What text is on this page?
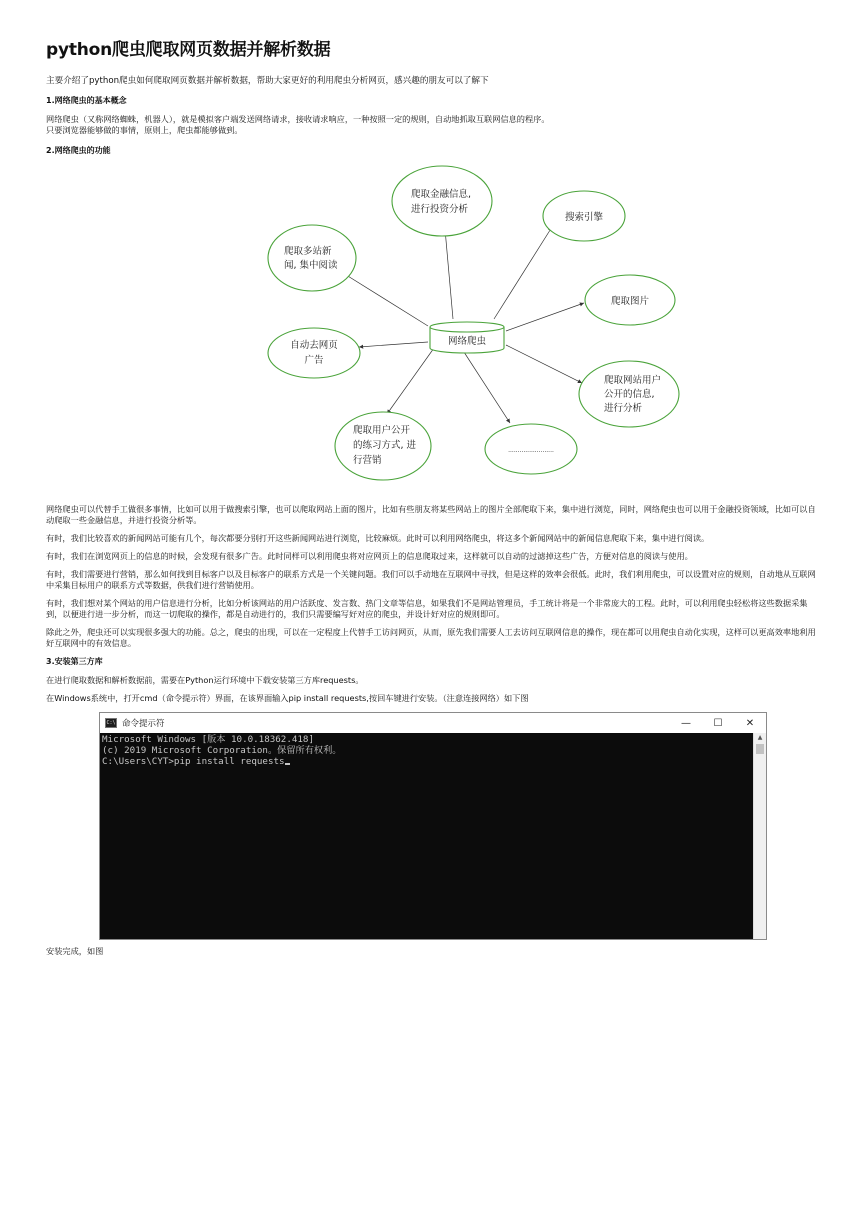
python爬虫爬取网页数据并解析数据

主要介绍了python爬虫如何爬取网页数据并解析数据，帮助大家更好的利用爬虫分析网页，感兴趣的朋友可以了解下

1.网络爬虫的基本概念

网络爬虫（又称网络蜘蛛，机器人），就是模拟客户端发送网络请求，接收请求响应，一种按照一定的规则，自动地抓取互联网信息的程序。
只要浏览器能够做的事情，原则上，爬虫都能够做到。

2.网络爬虫的功能
网络爬虫
爬取金融信息,
进行投资分析
搜索引擎
爬取多站新
闻, 集中阅读
爬取图片
自动去网页
广告
爬取网站用户
公开的信息,
进行分析
爬取用户公开
的练习方式, 进
行营销
........................

网络爬虫可以代替手工做很多事情，比如可以用于做搜索引擎，也可以爬取网站上面的图片，比如有些朋友将某些网站上的图片全部爬取下来，集中进行浏览，同时，网络爬虫也可以用于金融投资领域，比如可以自动爬取一些金融信息，并进行投资分析等。

有时，我们比较喜欢的新闻网站可能有几个，每次都要分别打开这些新闻网站进行浏览，比较麻烦。此时可以利用网络爬虫，将这多个新闻网站中的新闻信息爬取下来，集中进行阅读。

有时，我们在浏览网页上的信息的时候，会发现有很多广告。此时同样可以利用爬虫将对应网页上的信息爬取过来，这样就可以自动的过滤掉这些广告，方便对信息的阅读与使用。

有时，我们需要进行营销，那么如何找到目标客户以及目标客户的联系方式是一个关键问题。我们可以手动地在互联网中寻找，但是这样的效率会很低。此时，我们利用爬虫，可以设置对应的规则，自动地从互联网中采集目标用户的联系方式等数据，供我们进行营销使用。

有时，我们想对某个网站的用户信息进行分析，比如分析该网站的用户活跃度、发言数、热门文章等信息，如果我们不是网站管理员，手工统计将是一个非常庞大的工程。此时，可以利用爬虫轻松将这些数据采集到，以便进行进一步分析，而这一切爬取的操作，都是自动进行的，我们只需要编写好对应的爬虫，并设计好对应的规则即可。

除此之外，爬虫还可以实现很多强大的功能。总之，爬虫的出现，可以在一定程度上代替手工访问网页，从而，原先我们需要人工去访问互联网信息的操作，现在都可以用爬虫自动化实现，这样可以更高效率地利用好互联网中的有效信息。

3.安装第三方库

在进行爬取数据和解析数据前，需要在Python运行环境中下载安装第三方库requests。

在Windows系统中，打开cmd（命令提示符）界面，在该界面输入pip install requests,按回车键进行安装。（注意连接网络）如下图

C:\ 命令提示符	—	☐	✕
Microsoft Windows [版本 10.0.18362.418]
(c) 2019 Microsoft Corporation。保留所有权利。
C:\Users\CYT>pip install requests
▲

安装完成，如图
